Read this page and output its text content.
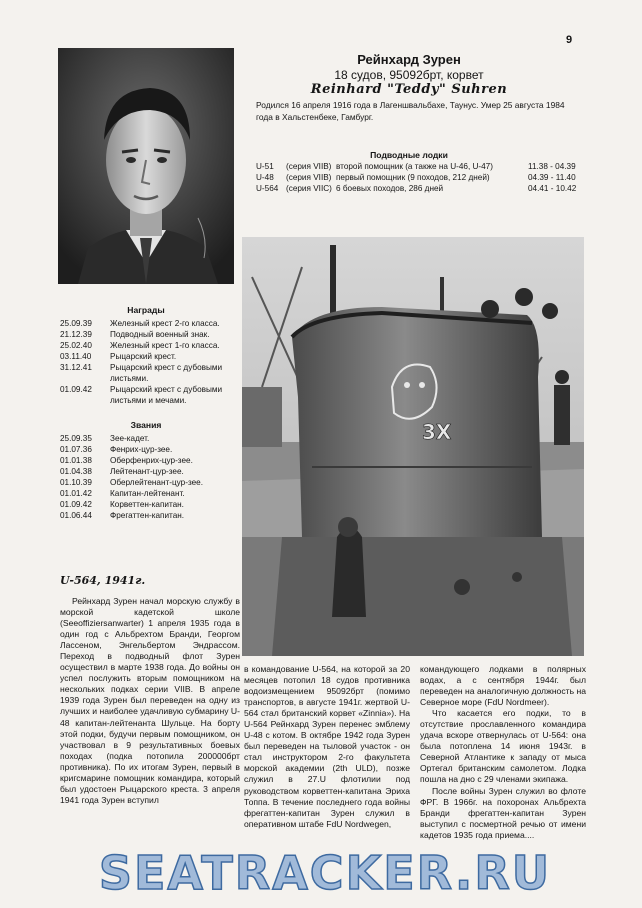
9
Рейнхард Зурен
18 судов, 95092брт, корвет
Reinhard "Teddy" Suhren
Родился 16 апреля 1916 года в Лагеншвальбахе, Таунус. Умер 25 августа 1984 года в Хальстенбеке, Гамбург.
Подводные лодки
U-51 (серия VIIB) второй помощник (а также на U-46, U-47)	11.38 - 04.39
U-48 (серия VIIB) первый помощник (9 походов, 212 дней)	04.39 - 11.40
U-564 (серия VIIC) 6 боевых походов, 286 дней	04.41 - 10.42
Награды
25.09.39 Железный крест 2-го класса.
21.12.39 Подводный военный знак.
25.02.40 Железный крест 1-го класса.
03.11.40 Рыцарский крест.
31.12.41 Рыцарский крест с дубовыми листьями.
01.09.42 Рыцарский крест с дубовыми листьями и мечами.
Звания
25.09.35 Зее-кадет.
01.07.36 Фенрих-цур-зее.
01.01.38 Оберфенрих-цур-зее.
01.04.38 Лейтенант-цур-зее.
01.10.39 Оберлейтенант-цур-зее.
01.01.42 Капитан-лейтенант.
01.09.42 Корветтен-капитан.
01.06.44 Фрегаттен-капитан.
U-564, 1941г.
3X

Рейнхард Зурен начал морскую службу в морской кадетской школе (Seeoffiziersanwarter) 1 апреля 1935 года в один год с Альбрехтом Бранди, Георгом Лассеном, Энгельбертом Эндрассом. Переход в подводный флот Зурен осуществил в марте 1938 года. До войны он успел послужить вторым помощником на нескольких подках серии VIIB. В апреле 1939 года Зурен был переведен на одну из лучших и наиболее удачливую субмарину U-48 капитан-лейтенанта Шульце. На борту этой подки, будучи первым помощником, он участвовал в 9 результативных боевых походах (подка потопила 200000брт противника). По их итогам Зурен, первый в кригсмарине помощник командира, который был удостоен Рыцарского креста. 3 апреля 1941 года Зурен вступил

в командование U-564, на которой за 20 месяцев потопил 18 судов противника водоизмещением 95092брт (помимо транспортов, в августе 1941г. жертвой U-564 стал британский корвет «Zinnia»). На U-564 Рейнхард Зурен перенес эмблему U-48 с котом. В октябре 1942 года Зурен был переведен на тыловой участок - он стал инструктором 2-го факультета морской академии (2th ULD), позже служил в 27.U флотилии под руководством корветтен-капитана Эриха Топпа. В течение последнего года войны фрегаттен-капитан Зурен служил в оперативном штабе FdU Nordwegen,

командующего лодками в полярных водах, а с сентября 1944г. был переведен на аналогичную должность на Северное море (FdU Nordmeer).

Что касается его подки, то в отсутствие прославленного командира удача вскоре отвернулась от U-564: она была потоплена 14 июня 1943г. в Северной Атлантике к западу от мыса Ортегал британским самолетом. Лодка пошла на дно с 29 членами экипажа.

После войны Зурен служил во флоте ФРГ. В 1966г. на похоронах Альбрехта Бранди фрегаттен-капитан Зурен выступил с посмертной речью от имени кадетов 1935 года приема....

SEATRACKER.RU
